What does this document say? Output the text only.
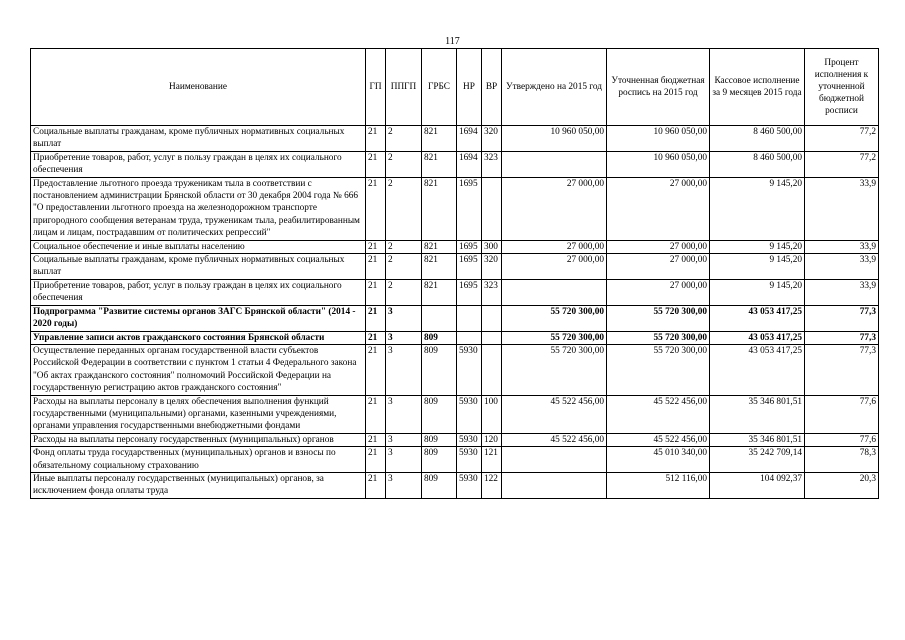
117
Наименование	ГП	ППГП	ГРБС	НР	ВР	Утверждено на 2015 год	Уточненная бюджетная роспись на 2015 год	Кассовое исполнение за 9 месяцев 2015 года	Процент исполнения к уточненной бюджетной росписи
Социальные выплаты гражданам, кроме публичных нормативных социальных выплат	21	2	821	1694	320	10 960 050,00	10 960 050,00	8 460 500,00	77,2
Приобретение товаров, работ, услуг в пользу граждан в целях их социального обеспечения	21	2	821	1694	323		10 960 050,00	8 460 500,00	77,2
Предоставление льготного проезда труженикам тыла в соответствии с постановлением администрации Брянской области от 30 декабря 2004 года № 666 "О предоставлении льготного проезда на железнодорожном транспорте пригородного сообщения ветеранам труда, труженикам тыла, реабилитированным лицам и лицам, пострадавшим от политических репрессий"	21	2	821	1695		27 000,00	27 000,00	9 145,20	33,9
Социальное обеспечение и иные выплаты населению	21	2	821	1695	300	27 000,00	27 000,00	9 145,20	33,9
Социальные выплаты гражданам, кроме публичных нормативных социальных выплат	21	2	821	1695	320	27 000,00	27 000,00	9 145,20	33,9
Приобретение товаров, работ, услуг в пользу граждан в целях их социального обеспечения	21	2	821	1695	323		27 000,00	9 145,20	33,9
Подпрограмма "Развитие системы органов ЗАГС Брянской области" (2014 - 2020 годы)	21	3				55 720 300,00	55 720 300,00	43 053 417,25	77,3
Управление записи актов гражданского состояния Брянской области	21	3	809			55 720 300,00	55 720 300,00	43 053 417,25	77,3
Осуществление переданных органам государственной власти субъектов Российской Федерации в соответствии с пунктом 1 статьи 4 Федерального закона "Об актах гражданского состояния" полномочий Российской Федерации на государственную регистрацию актов гражданского состояния"	21	3	809	5930		55 720 300,00	55 720 300,00	43 053 417,25	77,3
Расходы на выплаты персоналу в целях обеспечения выполнения функций государственными (муниципальными) органами, казенными учреждениями, органами управления государственными внебюджетными фондами	21	3	809	5930	100	45 522 456,00	45 522 456,00	35 346 801,51	77,6
Расходы на выплаты персоналу государственных (муниципальных) органов	21	3	809	5930	120	45 522 456,00	45 522 456,00	35 346 801,51	77,6
Фонд оплаты труда государственных (муниципальных) органов и взносы по обязательному социальному страхованию	21	3	809	5930	121		45 010 340,00	35 242 709,14	78,3
Иные выплаты персоналу государственных (муниципальных) органов, за исключением фонда оплаты труда	21	3	809	5930	122		512 116,00	104 092,37	20,3
